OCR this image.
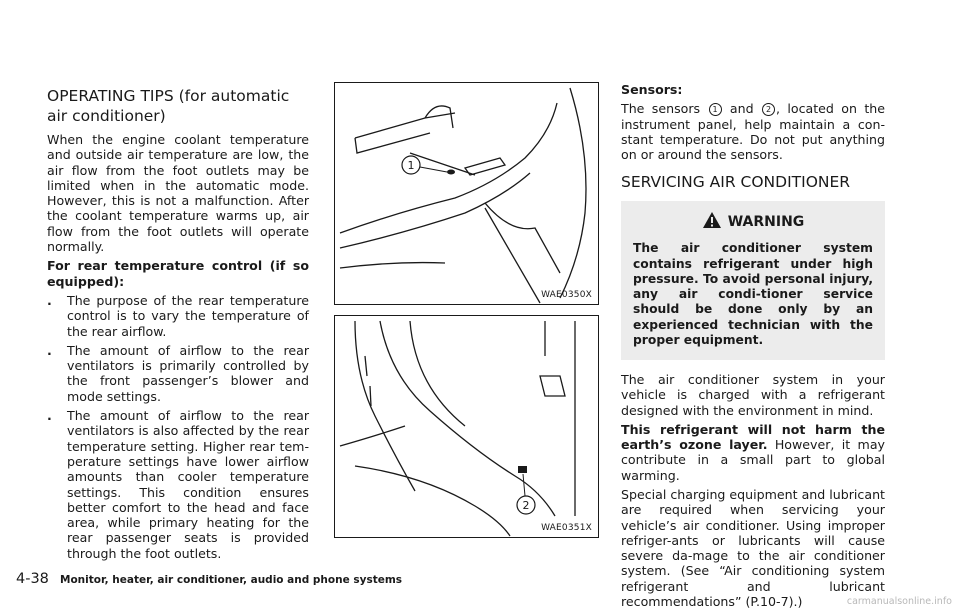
OPERATING TIPS (for automatic air conditioner)

When the engine coolant temperature and outside air temperature are low, the air flow from the foot outlets may be limited when in the automatic mode. However, this is not a malfunction. After the coolant temperature warms up, air flow from the foot outlets will operate normally.

For rear temperature control (if so equipped):

. The purpose of the rear temperature control is to vary the temperature of the rear airflow.
. The amount of airflow to the rear ventilators is primarily controlled by the front passenger’s blower and mode settings.
. The amount of airflow to the rear ventilators is also affected by the rear temperature setting. Higher rear tem-perature settings have lower airflow amounts than cooler temperature settings. This condition ensures better comfort to the head and face area, while primary heating for the rear passenger seats is provided through the foot outlets.
1
WAE0350X
2
WAE0351X

Sensors:

The sensors 1 and 2 , located on the instrument panel, help maintain a con-stant temperature. Do not put anything on or around the sensors.

SERVICING AIR CONDITIONER
WARNING

The air conditioner system contains refrigerant under high pressure. To avoid personal injury, any air condi-tioner service should be done only by an experienced technician with the proper equipment.

The air conditioner system in your vehicle is charged with a refrigerant designed with the environment in mind.

This refrigerant will not harm the earth’s ozone layer. However, it may contribute in a small part to global warming.

Special charging equipment and lubricant are required when servicing your vehicle’s air conditioner. Using improper refriger-ants or lubricants will cause severe da-mage to the air conditioner system. (See “Air conditioning system refrigerant and lubricant recommendations” (P.10-7).)

4-38 Monitor, heater, air conditioner, audio and phone systems
carmanualsonline.info
